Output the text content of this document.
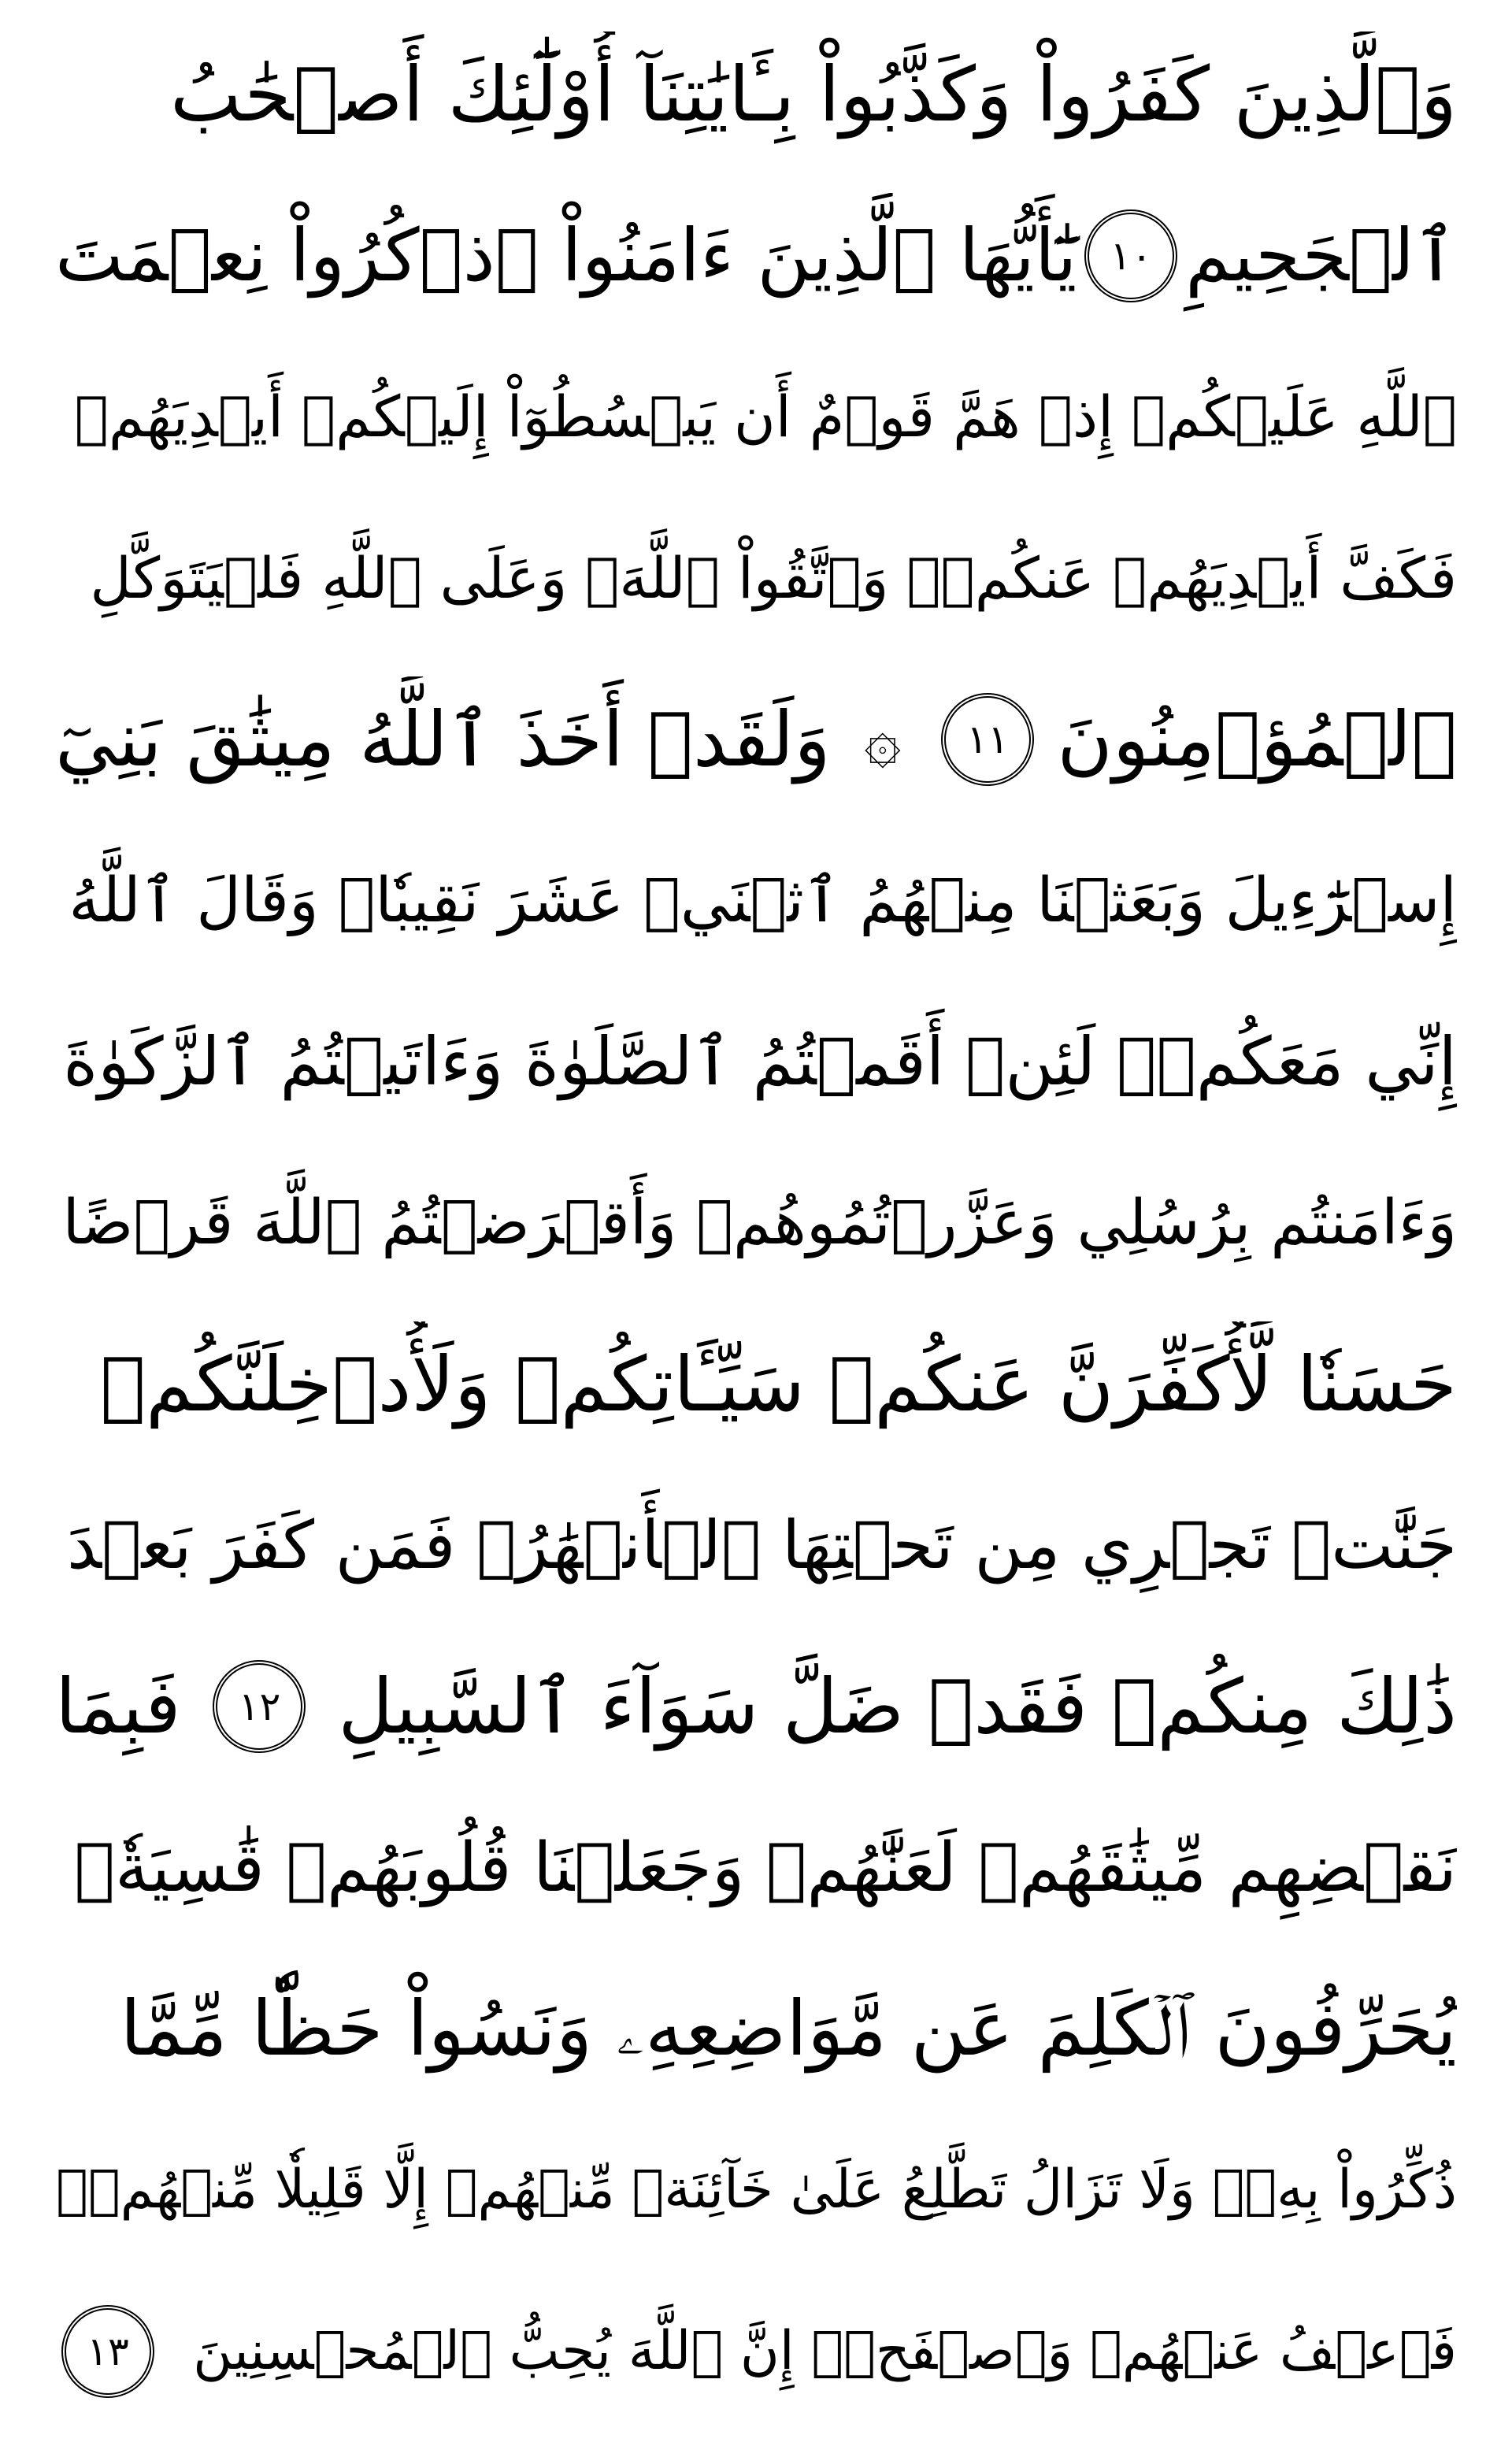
وَٱلَّذِينَ كَفَرُواْ وَكَذَّبُواْ بِـَٔايَٰتِنَآ أُوْلَٰٓئِكَ أَصۡحَٰبُ
ٱلۡجَحِيمِ
١٠
يَٰٓأَيُّهَا ٱلَّذِينَ ءَامَنُواْ ٱذۡكُرُواْ نِعۡمَتَ
ٱللَّهِ عَلَيۡكُمۡ إِذۡ هَمَّ قَوۡمٌ أَن يَبۡسُطُوٓاْ إِلَيۡكُمۡ أَيۡدِيَهُمۡ
فَكَفَّ أَيۡدِيَهُمۡ عَنكُمۡۖ وَٱتَّقُواْ ٱللَّهَۚ وَعَلَى ٱللَّهِ فَلۡيَتَوَكَّلِ
ٱلۡمُؤۡمِنُونَ
١١
۞
وَلَقَدۡ أَخَذَ ٱللَّهُ مِيثَٰقَ بَنِيٓ
إِسۡرَٰٓءِيلَ وَبَعَثۡنَا مِنۡهُمُ ٱثۡنَيۡ عَشَرَ نَقِيبٗاۖ وَقَالَ ٱللَّهُ
إِنِّي مَعَكُمۡۖ لَئِنۡ أَقَمۡتُمُ ٱلصَّلَوٰةَ وَءَاتَيۡتُمُ ٱلزَّكَوٰةَ
وَءَامَنتُم بِرُسُلِي وَعَزَّرۡتُمُوهُمۡ وَأَقۡرَضۡتُمُ ٱللَّهَ قَرۡضًا
حَسَنٗا لَّأُكَفِّرَنَّ عَنكُمۡ سَيِّـَٔاتِكُمۡ وَلَأُدۡخِلَنَّكُمۡ
جَنَّٰتٖ تَجۡرِي مِن تَحۡتِهَا ٱلۡأَنۡهَٰرُۚ فَمَن كَفَرَ بَعۡدَ
ذَٰلِكَ مِنكُمۡ فَقَدۡ ضَلَّ سَوَآءَ ٱلسَّبِيلِ
١٢
فَبِمَا
نَقۡضِهِم مِّيثَٰقَهُمۡ لَعَنَّٰهُمۡ وَجَعَلۡنَا قُلُوبَهُمۡ قَٰسِيَةٗۖ
يُحَرِّفُونَ ٱلۡكَلِمَ عَن مَّوَاضِعِهِۦ وَنَسُواْ حَظّٗا مِّمَّا
ذُكِّرُواْ بِهِۦۚ وَلَا تَزَالُ تَطَّلِعُ عَلَىٰ خَآئِنَةٖ مِّنۡهُمۡ إِلَّا قَلِيلٗا مِّنۡهُمۡۖ
فَٱعۡفُ عَنۡهُمۡ وَٱصۡفَحۡۚ إِنَّ ٱللَّهَ يُحِبُّ ٱلۡمُحۡسِنِينَ
١٣
